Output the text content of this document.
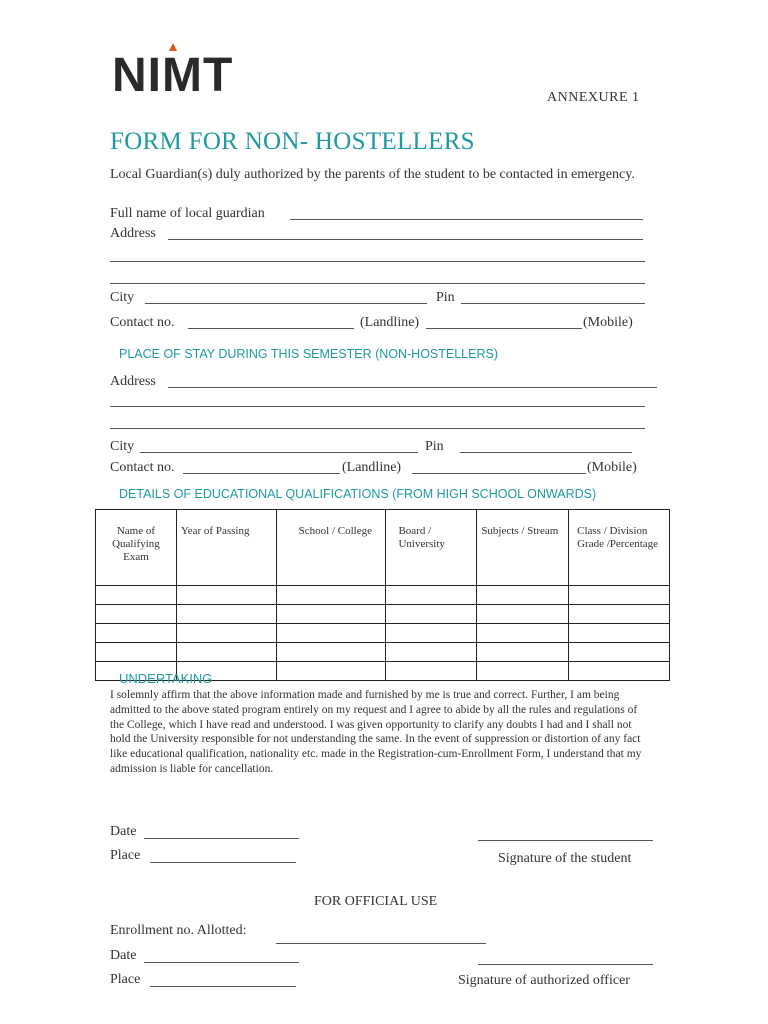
NIMT	ANNEXURE 1
FORM FOR NON- HOSTELLERS
Local Guardian(s) duly authorized by the parents of the student to be contacted in emergency.
Full name of local guardian
Address
City	Pin
Contact no.	(Landline)	(Mobile)
PLACE OF STAY DURING THIS SEMESTER (NON-HOSTELLERS)
Address
City	Pin
Contact no.	(Landline)	(Mobile)
DETAILS OF EDUCATIONAL QUALIFICATIONS (FROM HIGH SCHOOL ONWARDS)
Name of Qualifying Exam	Year of Passing	School / College	Board / University	Subjects / Stream	Class / Division Grade /Percentage

UNDERTAKING
I solemnly affirm that the above information made and furnished by me is true and correct. Further, I am being admitted to the above stated program entirely on my request and I agree to abide by all the rules and regulations of the College, which I have read and understood. I was given opportunity to clarify any doubts I had and I shall not hold the University responsible for not understanding the same. In the event of suppression or distortion of any fact like educational qualification, nationality etc. made in the Registration-cum-Enrollment Form, I understand that my admission is liable for cancellation.
Date
Place	Signature of the student
FOR OFFICIAL USE
Enrollment no. Allotted:
Date
Place	Signature of authorized officer
